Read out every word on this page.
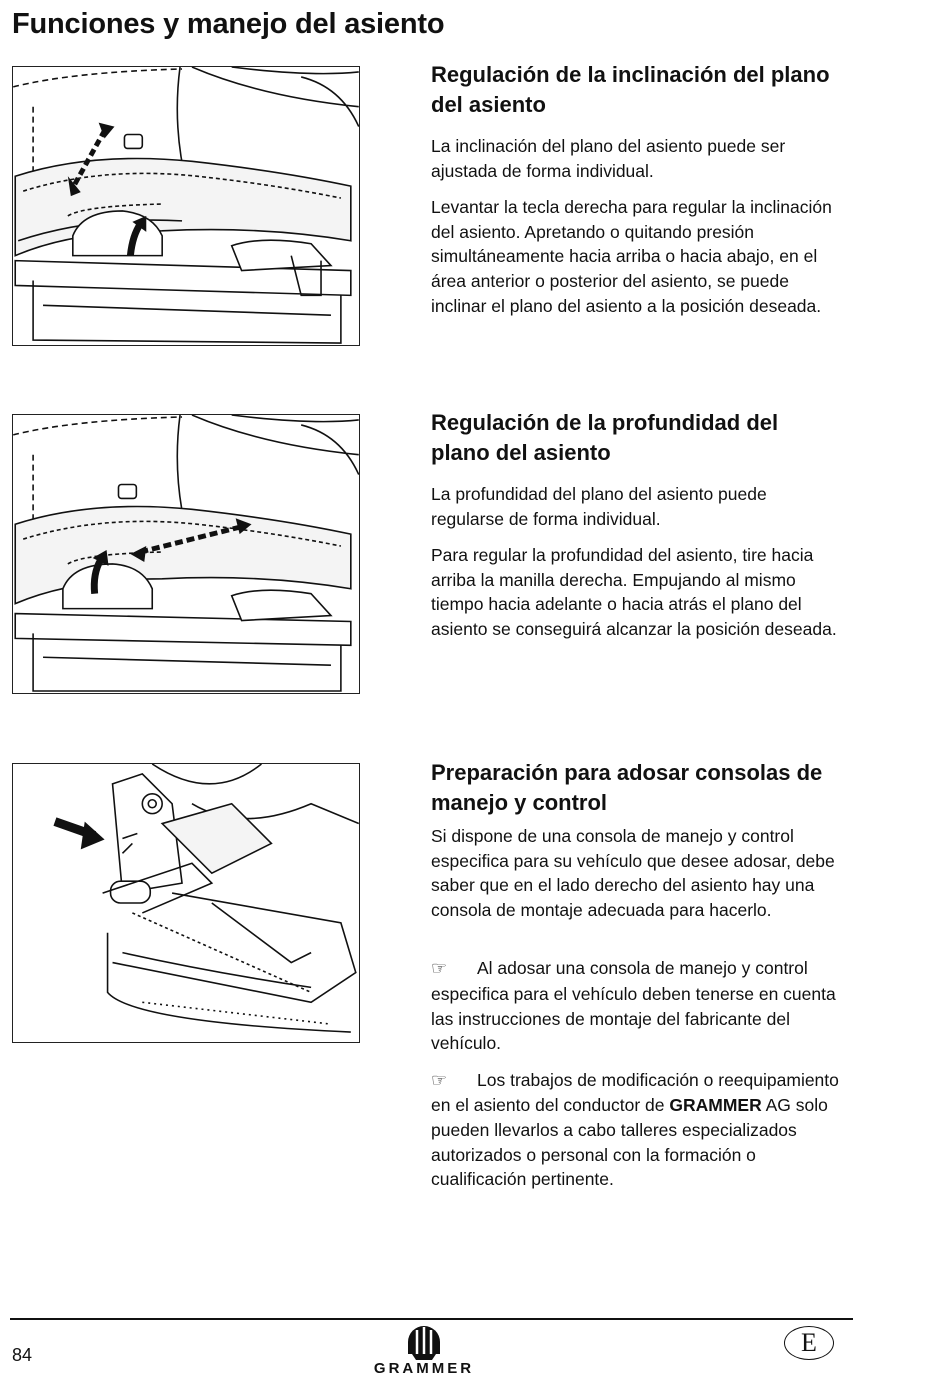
Funciones y manejo del asiento
Regulación de la inclinación del plano del asiento

La inclinación del plano del asiento puede ser ajustada de forma individual.

Levantar la tecla derecha para regular la inclinación del asiento. Apretando o quitando presión simultáneamente hacia arriba o hacia abajo, en el área anterior o posterior del asiento, se puede inclinar el plano del asiento a la posición deseada.

Regulación de la profundidad del plano del asiento

La profundidad del plano del asiento puede regularse de forma individual.

Para regular la profundidad del asiento, tire hacia arriba la manilla derecha. Empujando al mismo tiempo hacia adelante o hacia atrás el plano del asiento se conseguirá alcanzar la posición deseada.

Preparación para adosar consolas de manejo y control

Si dispone de una consola de manejo y control especifica para su vehículo que desee adosar, debe saber que en el lado derecho del asiento hay una consola de montaje adecuada para hacerlo.

☞ Al adosar una consola de manejo y control especifica para el vehículo deben tenerse en cuenta las instrucciones de montaje del fabricante del vehículo.

☞ Los trabajos de modificación o reequipamiento en el asiento del conductor de GRAMMER AG solo pueden llevarlos a cabo talleres especializados autorizados o personal con la formación o cualificación pertinente.

84
GRAMMER
E
